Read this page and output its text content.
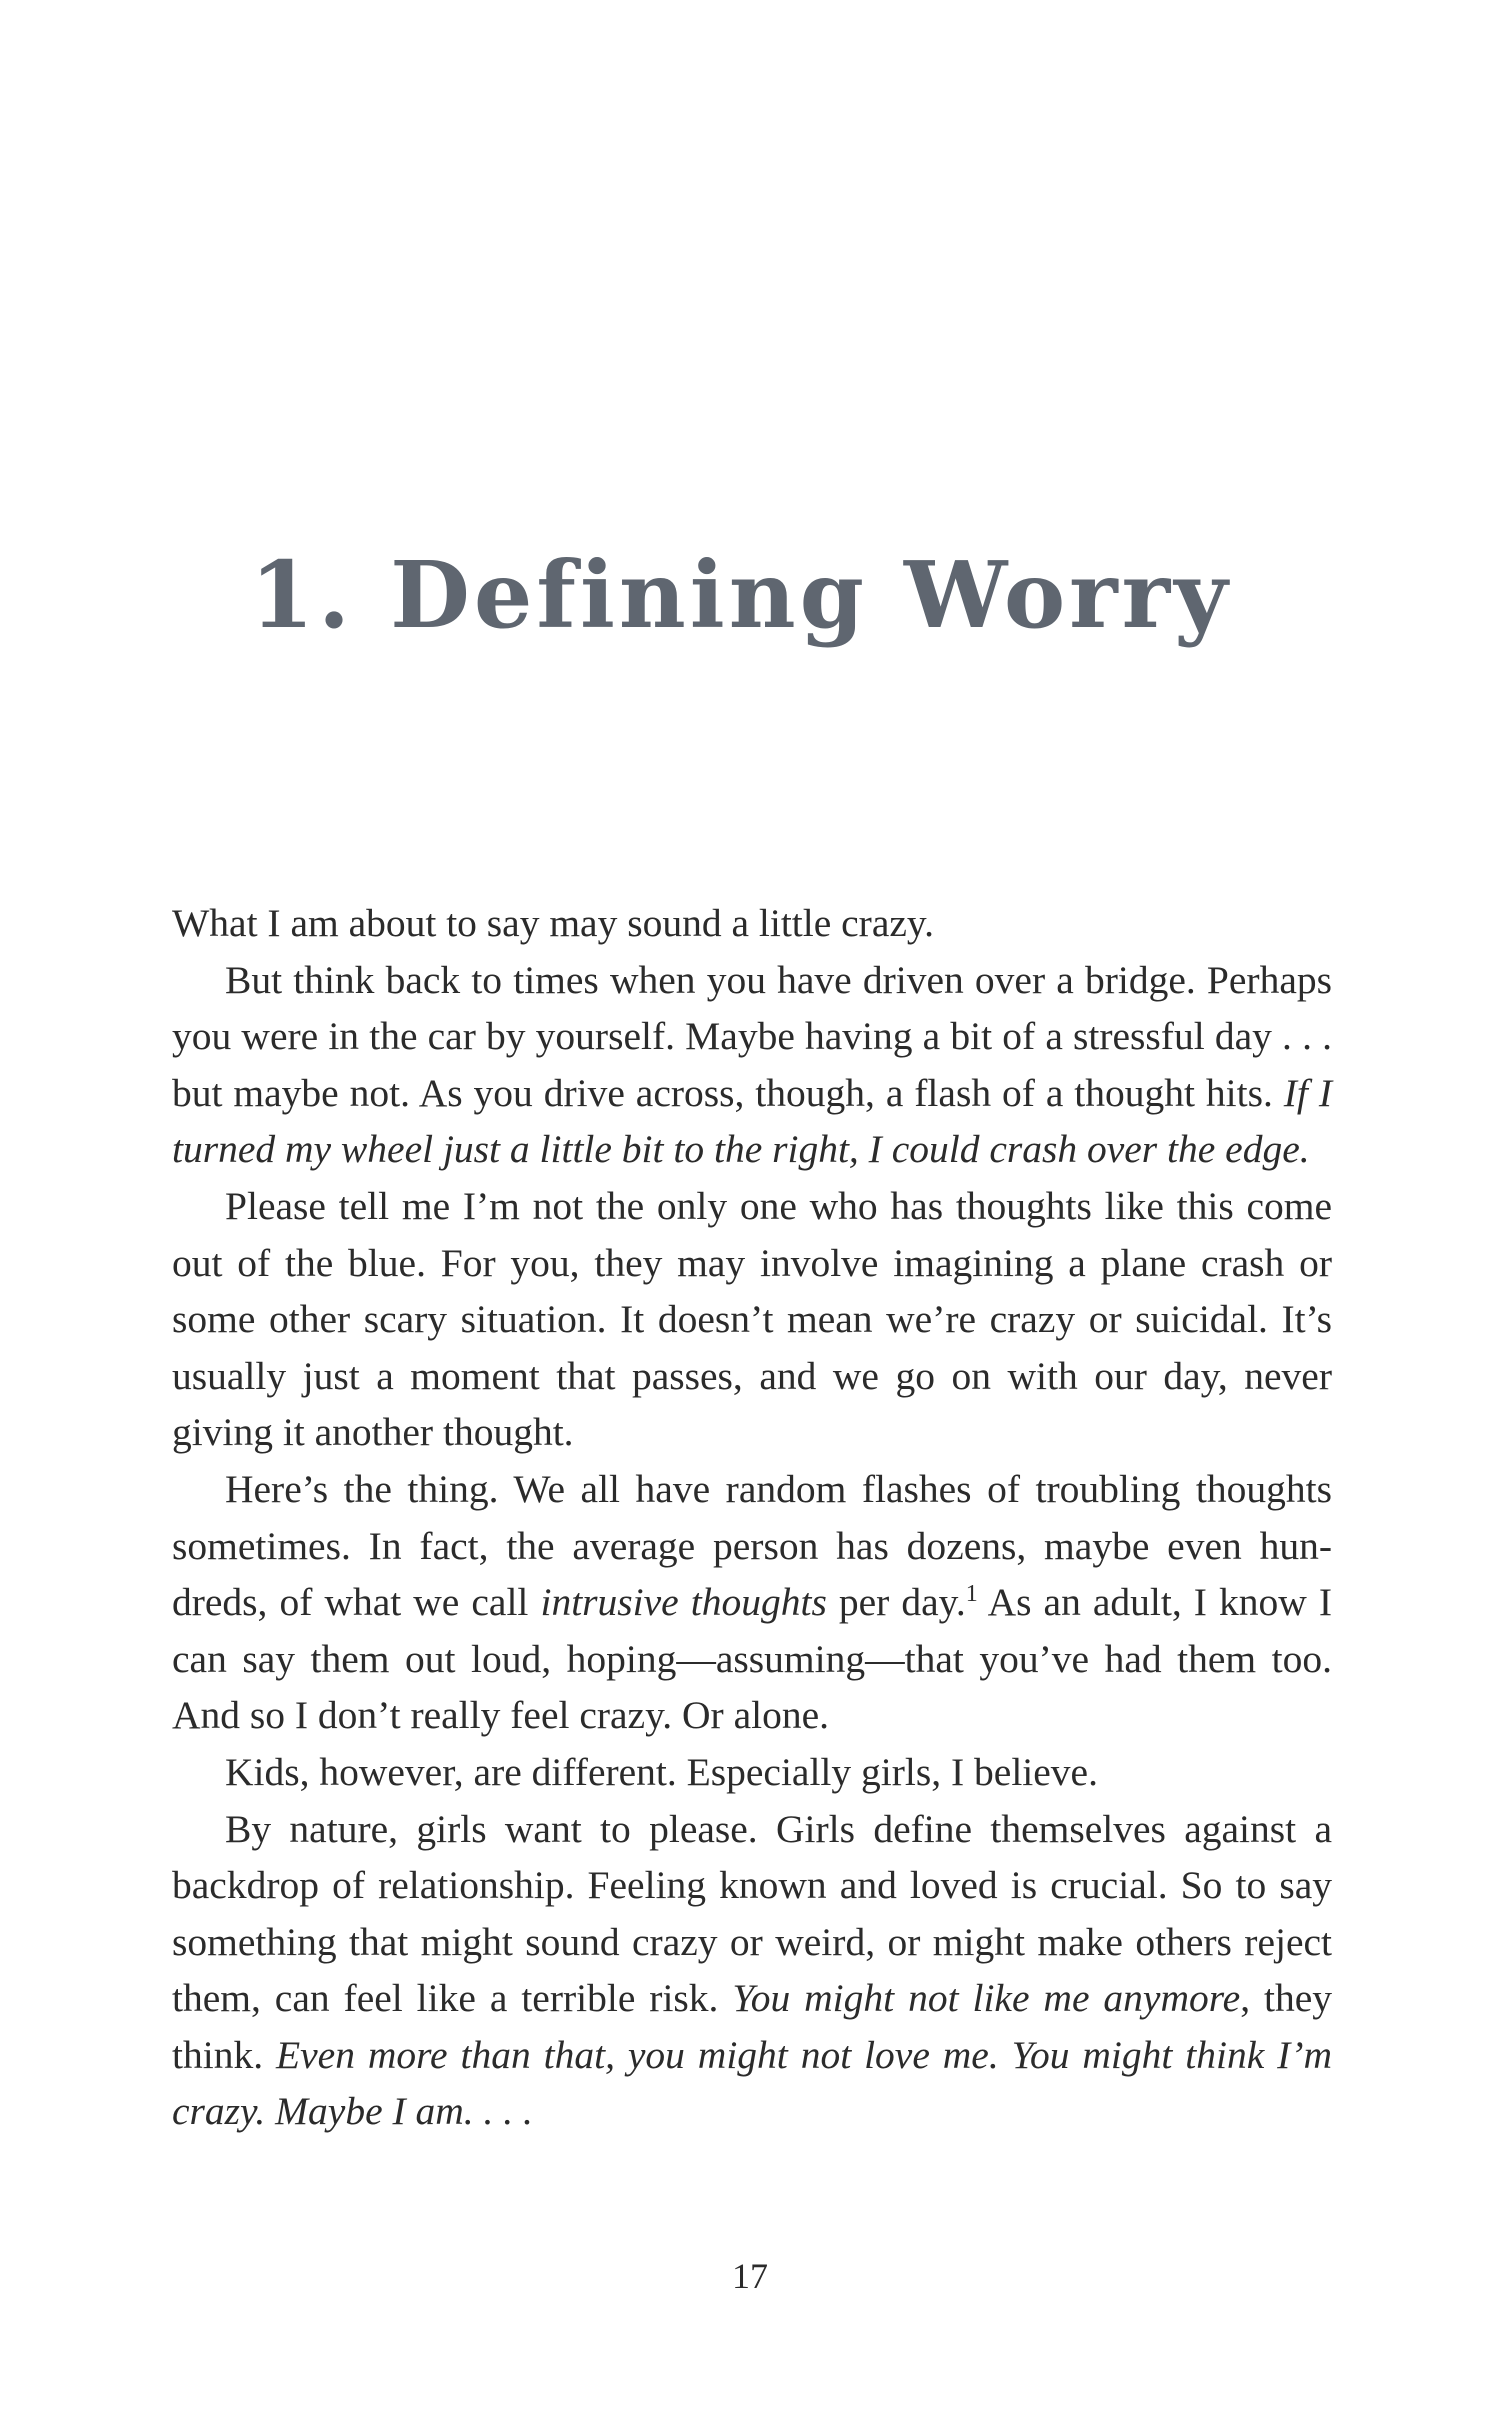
1. Defining Worry

What I am about to say may sound a little crazy.

But think back to times when you have driven over a bridge. Perhaps you were in the car by yourself. Maybe having a bit of a stressful day . . . but maybe not. As you drive across, though, a flash of a thought hits. If I turned my wheel just a little bit to the right, I could crash over the edge.

Please tell me I’m not the only one who has thoughts like this come out of the blue. For you, they may involve imagining a plane crash or some other scary situation. It doesn’t mean we’re crazy or suicidal. It’s usually just a moment that passes, and we go on with our day, never giving it another thought.

Here’s the thing. We all have random flashes of troubling thoughts sometimes. In fact, the average person has dozens, maybe even hundreds, of what we call intrusive thoughts per day.$^1$ As an adult, I know I can say them out loud, hoping—assuming—that you’ve had them too. And so I don’t really feel crazy. Or alone.

Kids, however, are different. Especially girls, I believe.

By nature, girls want to please. Girls define themselves against a backdrop of relationship. Feeling known and loved is crucial. So to say something that might sound crazy or weird, or might make others reject them, can feel like a terrible risk. You might not like me anymore, they think. Even more than that, you might not love me. You might think I’m crazy. Maybe I am. . . .

17
